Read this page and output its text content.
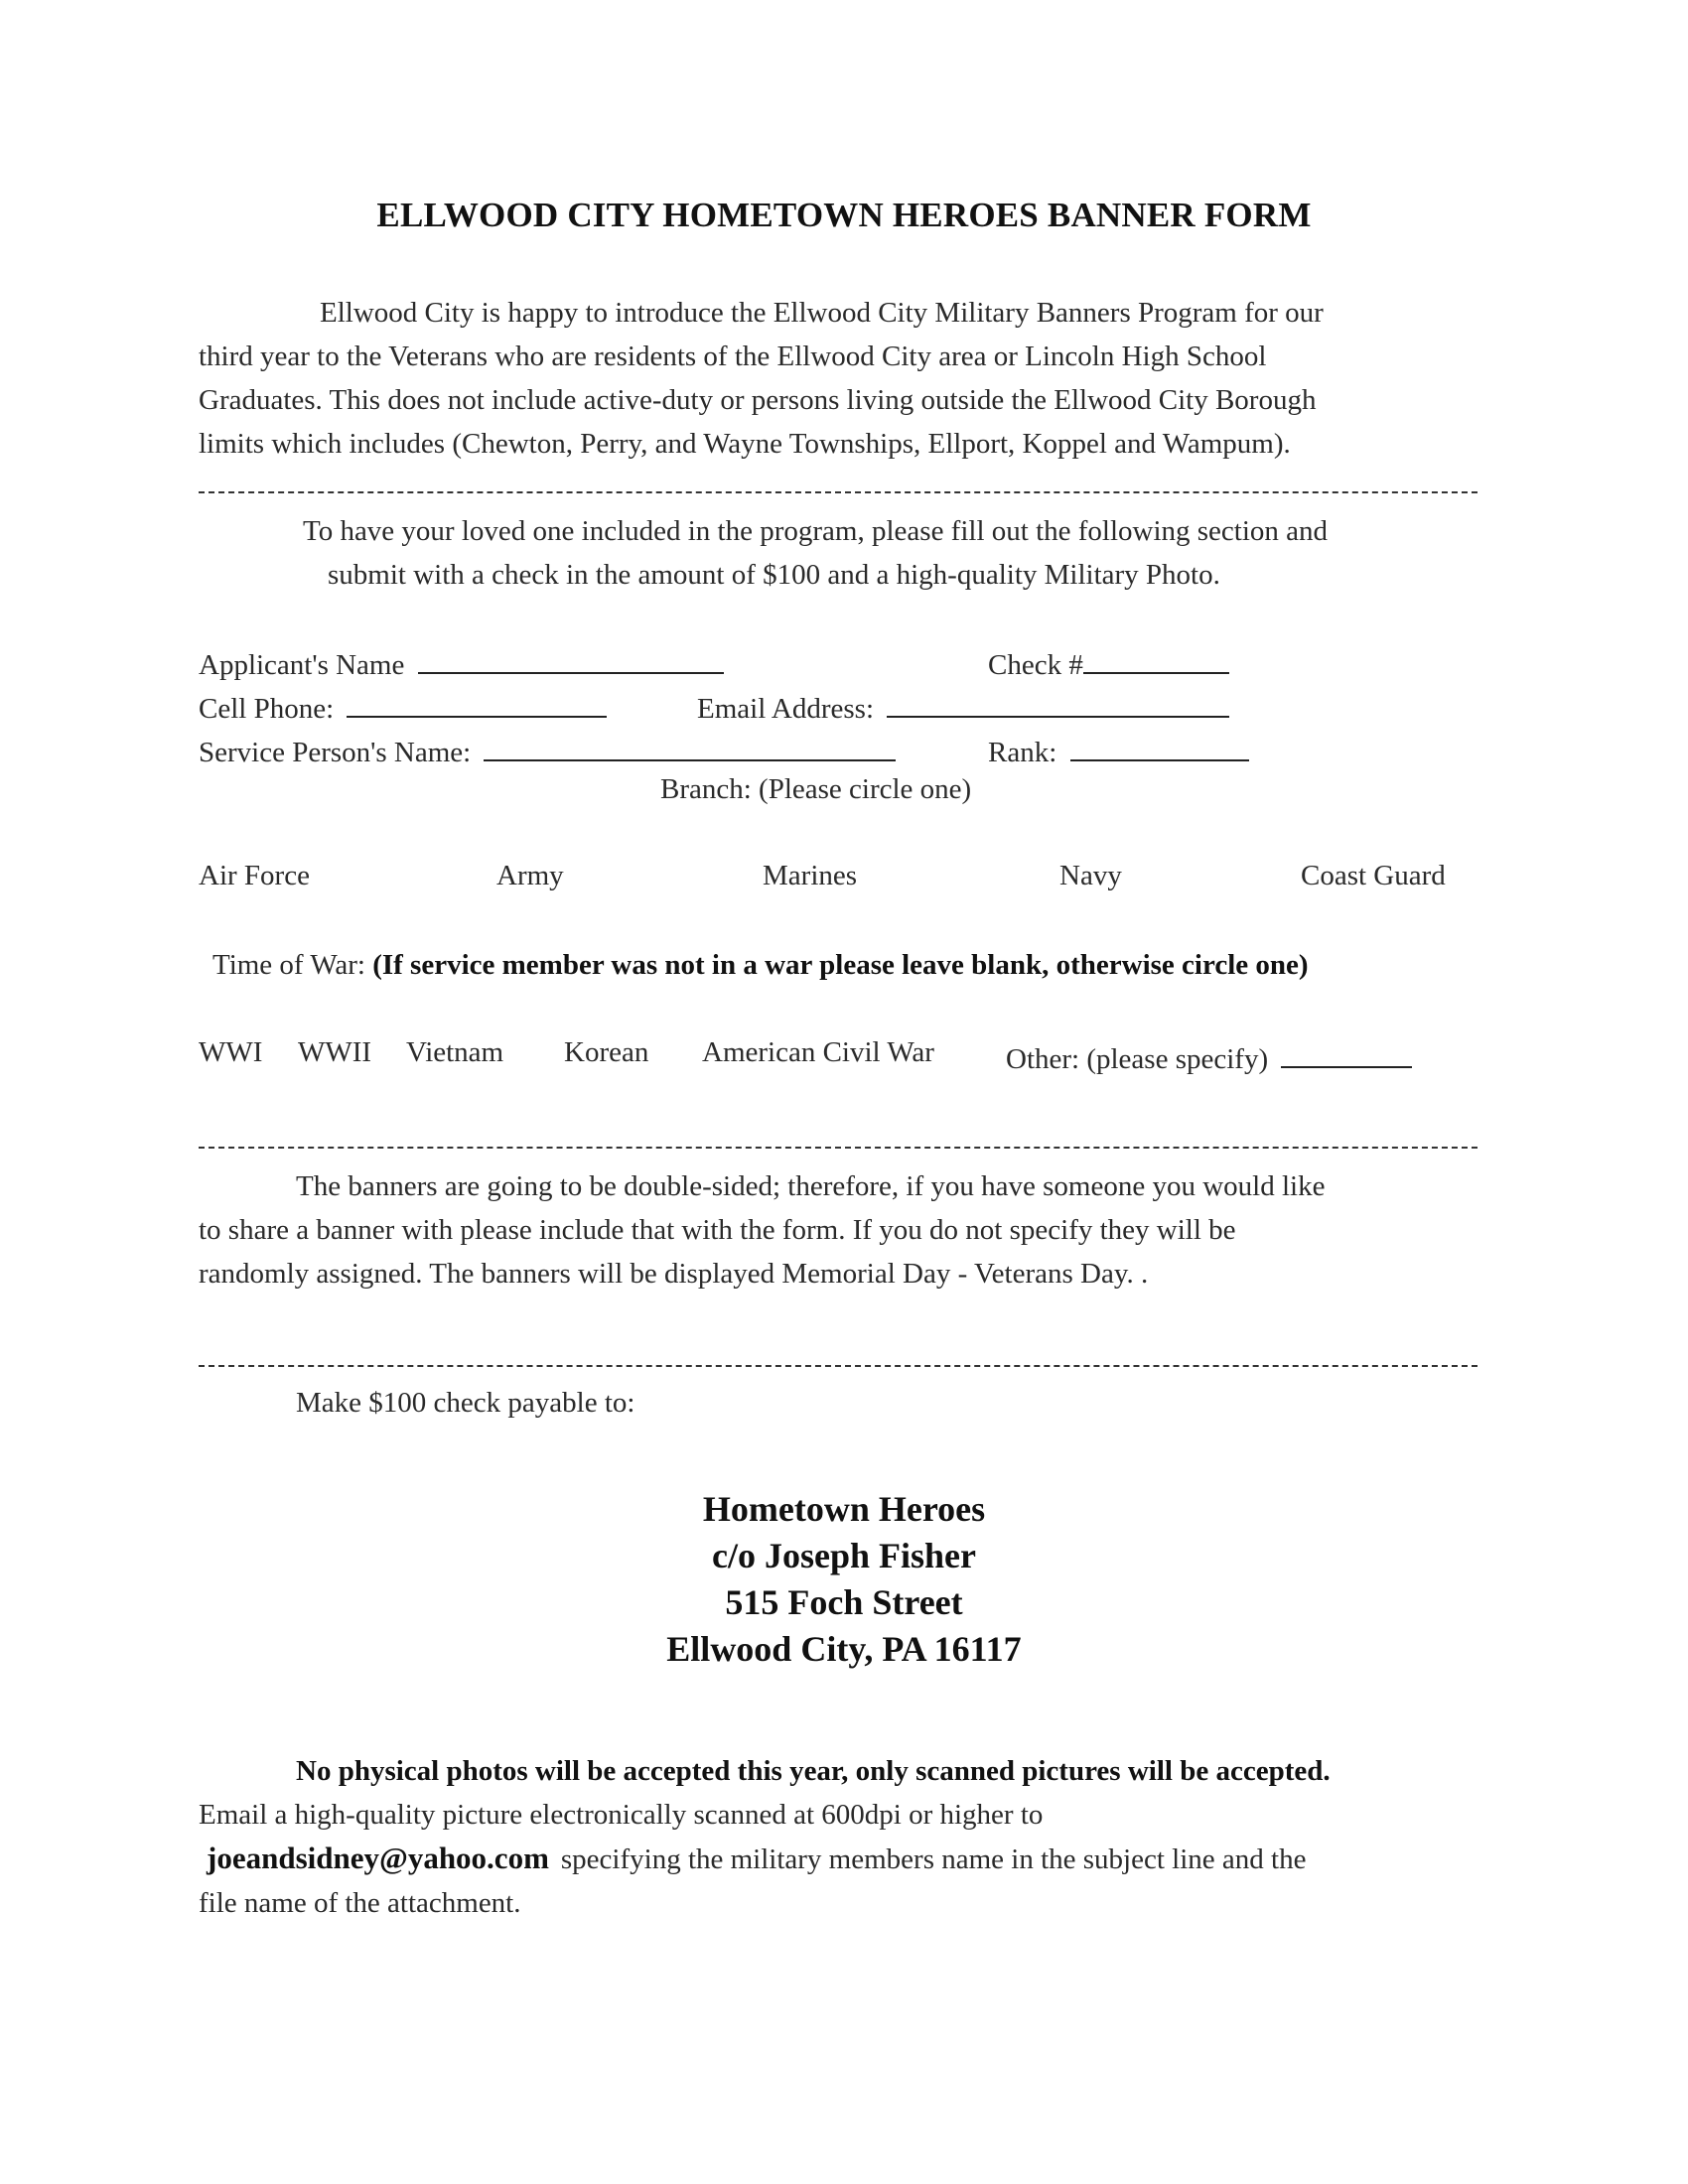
ELLWOOD CITY HOMETOWN HEROES BANNER FORM

Ellwood City is happy to introduce the Ellwood City Military Banners Program for our

third year to the Veterans who are residents of the Ellwood City area or Lincoln High School

Graduates. This does not include active-duty or persons living outside the Ellwood City Borough

limits which includes (Chewton, Perry, and Wayne Townships, Ellport, Koppel and Wampum).

To have your loved one included in the program, please fill out the following section and

submit with a check in the amount of $100 and a high-quality Military Photo.

Applicant's Name	Check #
Cell Phone:	Email Address:
Service Person's Name:	Rank:
Branch: (Please circle one)
Air Force	Army	Marines	Navy	Coast Guard
Time of War: (If service member was not in a war please leave blank, otherwise circle one)
WWI WWII Vietnam Korean American Civil War Other: (please specify)

The banners are going to be double-sided; therefore, if you have someone you would like

to share a banner with please include that with the form. If you do not specify they will be

randomly assigned. The banners will be displayed Memorial Day - Veterans Day. .

Make $100 check payable to:
Hometown Heroes
c/o Joseph Fisher
515 Foch Street
Ellwood City, PA 16117

No physical photos will be accepted this year, only scanned pictures will be accepted.

Email a high-quality picture electronically scanned at 600dpi or higher to

joeandsidney@yahoo.com specifying the military members name in the subject line and the

file name of the attachment.
